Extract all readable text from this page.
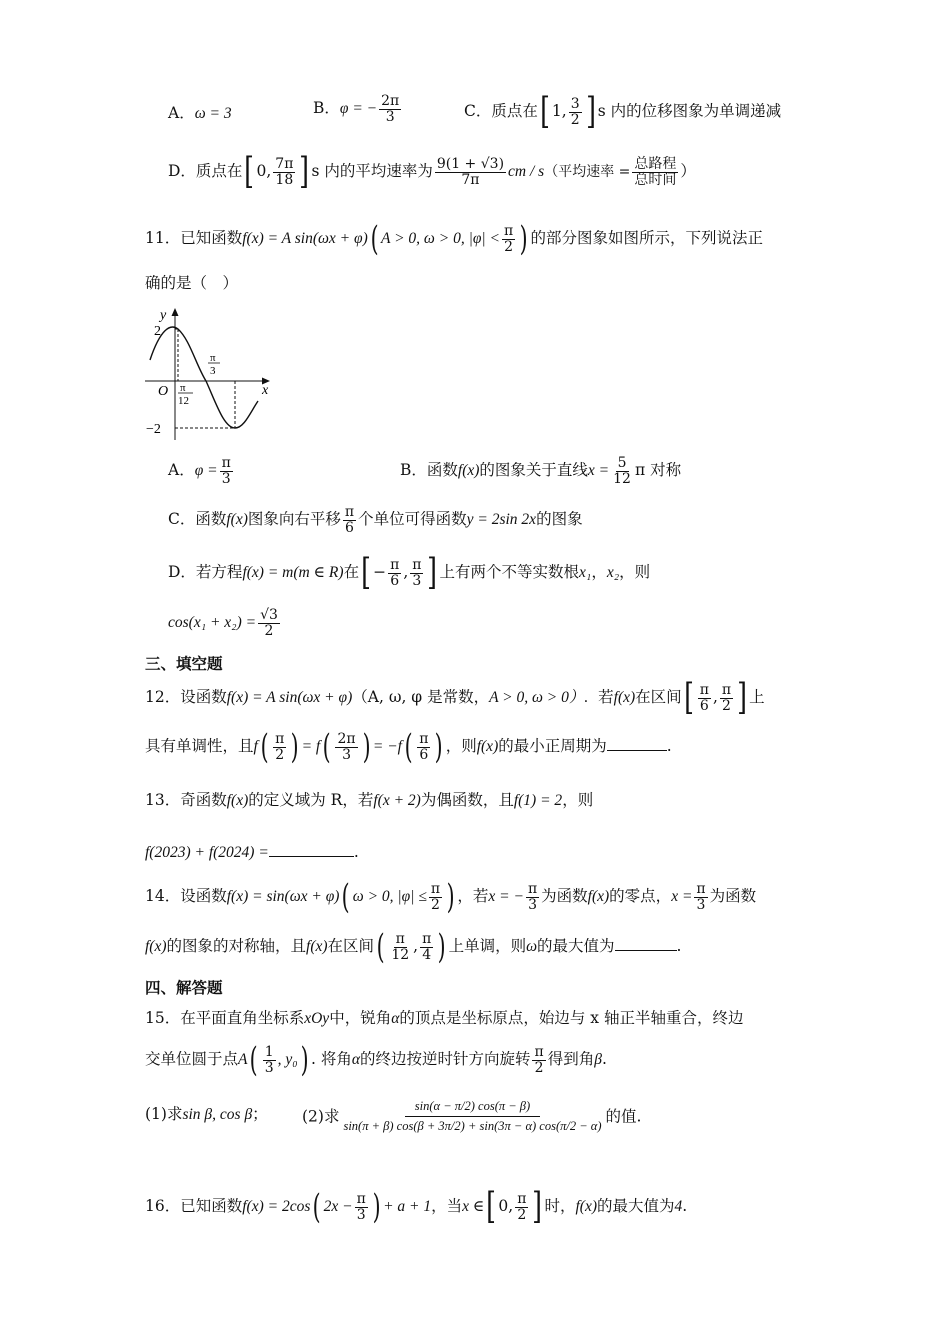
A．ω = 3	B．φ = − $\frac{2\pi}{3}$	C．质点在[ 1, $\frac{3}{2}$ ] s 内的位移图象为单调递减
D．质点在[ 0, $\frac{7\pi}{18}$ ] s 内的平均速率为 $\frac{9(1 + √3)}{7\pi}$ cm / s（平均速率 = $\frac{\text{总路程}}{\text{总时间}}$ ）
11．已知函数f(x) = A sin(ωx + φ)( A > 0, ω > 0, $|\varphi| < \frac{\pi}{2}$ ) 的部分图象如图所示，下列说法正
确的是（　）
y
x
O
2
−2
π
12
π
3
A．$\varphi = \frac{\pi}{3}$	B．函数f(x)的图象关于直线$x = \frac{5}{12}$ π 对称
C．函数f(x)图象向右平移 $\frac{\pi}{6}$ 个单位可得函数y = 2sin 2x的图象
D．若方程f(x) = m(m ∈ R)在[ − $\frac{\pi}{6}$ , $\frac{\pi}{3}$ ] 上有两个不等实数根x₁，x₂，则
$\cos(x_1 + x_2) = \frac{√3}{2}$
三、填空题
12．设函数f(x) = A sin(ωx + φ)（A, ω, φ 是常数，A > 0, ω > 0）. 若f(x)在区间[ $\frac{\pi}{6}$ , $\frac{\pi}{2}$ ] 上
具有单调性，且$f( \frac{\pi}{2}$ ) = $f( \frac{2\pi}{3}$ ) = $-f( \frac{\pi}{6}$ ) ，则f(x)的最小正周期为	.
13．奇函数f(x)的定义域为 R，若f(x + 2)为偶函数，且f(1) = 2，则
f(2023) + f(2024) =	.
14．设函数f(x) = sin(ωx + φ)( ω > 0, $|\varphi| \le \frac{\pi}{2}$ ) ，若x = − $\frac{\pi}{3}$ 为函数f(x)的零点，$x = \frac{\pi}{3}$ 为函数
f(x)的图象的对称轴，且f(x)在区间( $\frac{\pi}{12}$ , $\frac{\pi}{4}$ ) 上单调，则ω的最大值为	.
四、解答题
15．在平面直角坐标系xOy中，锐角α的顶点是坐标原点，始边与 x 轴正半轴重合，终边
交单位圆于点$A( \frac{1}{3}$ , y₀) . 将角α的终边按逆时针方向旋转 $\frac{\pi}{2}$ 得到角β.
(1)求sin β, cos β； (2)求 $\frac{\sin(\alpha - \pi/2) \cos(\pi - \beta)}{\sin(\pi + \beta) \cos(\beta + 3\pi/2) + \sin(3\pi - \alpha) \cos(\pi/2 - \alpha)}$ 的值.
16．已知函数f(x) = 2cos( $2x - \frac{\pi}{3}$ ) + a + 1，当x ∈[ 0, $\frac{\pi}{2}$ ] 时，f(x)的最大值为4.
